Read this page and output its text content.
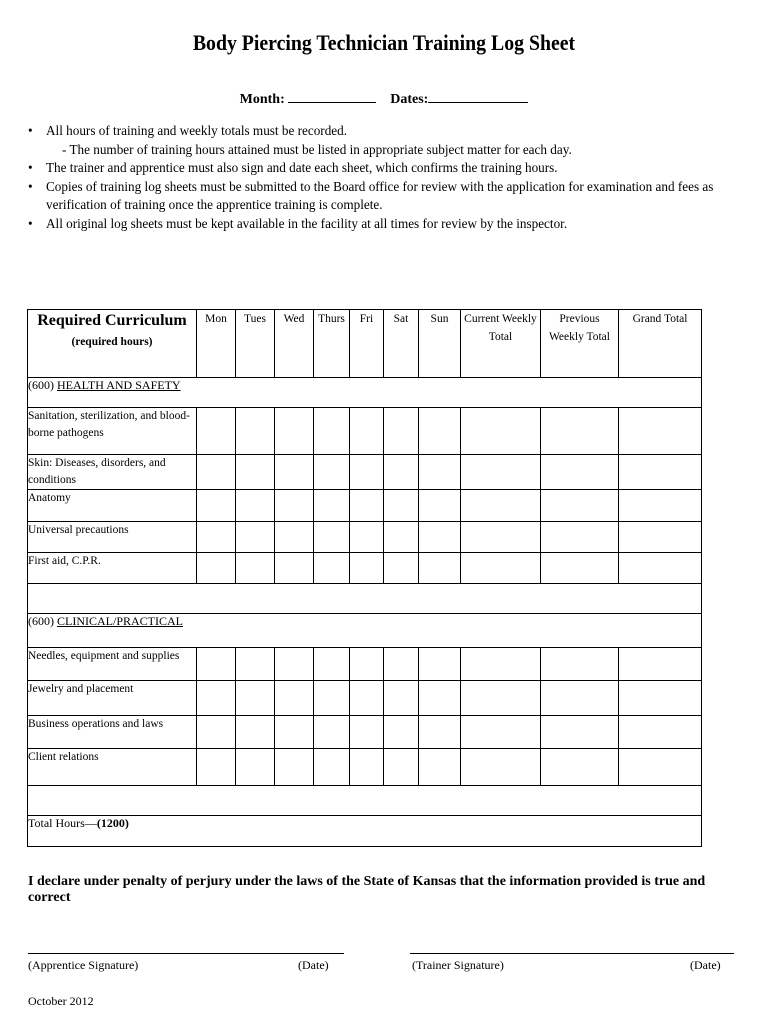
Body Piercing Technician Training Log Sheet
Month:	Dates:
• All hours of training and weekly totals must be recorded.
- The number of training hours attained must be listed in appropriate subject matter for each day.
• The trainer and apprentice must also sign and date each sheet, which confirms the training hours.
• Copies of training log sheets must be submitted to the Board office for review with the application for examination and fees as verification of training once the apprentice training is complete.
• All original log sheets must be kept available in the facility at all times for review by the inspector.
Required Curriculum
(required hours)	Mon	Tues	Wed	Thurs	Fri	Sat	Sun	Current Weekly Total	Previous Weekly Total	Grand Total
(600) HEALTH AND SAFETY										
Sanitation, sterilization, and blood-borne pathogens										
Skin: Diseases, disorders, and conditions										
Anatomy										
Universal precautions										
First aid, C.P.R.										

(600) CLINICAL/PRACTICAL										
Needles, equipment and supplies										
Jewelry and placement										
Business operations and laws										
Client relations										

Total Hours—(1200)										
I declare under penalty of perjury under the laws of the State of Kansas that the information provided is true and correct
(Apprentice Signature)	(Date)	(Trainer Signature)	(Date)
October 2012
